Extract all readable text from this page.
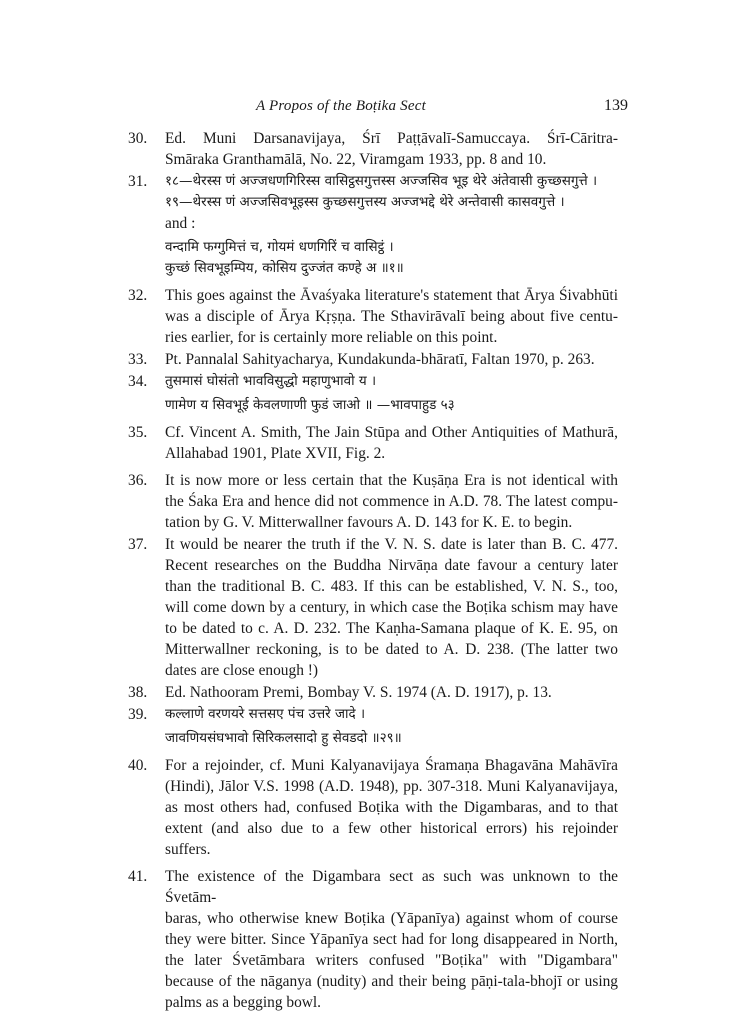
A Propos of the Boṭika Sect	139
30. Ed. Muni Darsanavijaya, Śrī Paṭṭāvalī-Samuccaya. Śrī-Cāritra-
Smāraka Granthamālā, No. 22, Viramgam 1933, pp. 8 and 10.
31. १८—थेरस्स णं अज्जधणगिरिस्स वासिट्ठसगुत्तस्स अज्जसिव भूइ थेरे अंतेवासी कुच्छसगुत्ते ।
१९—थेरस्स णं अज्जसिवभूइस्स कुच्छसगुत्तस्य अज्जभद्दे थेरे अन्तेवासी कासवगुत्ते ।
and :
वन्दामि फग्गुमित्तं च, गोयमं धणगिरिं च वासिट्ठं ।
कुच्छं सिवभूइम्पिय, कोसिय दुज्जंत कण्हे अ ॥१॥
32. This goes against the Āvaśyaka literature's statement that Ārya Śivabhūti
was a disciple of Ārya Kṛṣṇa. The Sthavirāvalī being about five centu-
ries earlier, for is certainly more reliable on this point.
33. Pt. Pannalal Sahityacharya, Kundakunda-bhāratī, Faltan 1970, p. 263.
34. तुसमासं घोसंतो भावविसुद्धो महाणुभावो य ।
णामेण य सिवभूई केवलणाणी फुडं जाओ ॥ —भावपाहुड ५३
35. Cf. Vincent A. Smith, The Jain Stūpa and Other Antiquities of Mathurā,
Allahabad 1901, Plate XVII, Fig. 2.
36. It is now more or less certain that the Kuṣāṇa Era is not identical with
the Śaka Era and hence did not commence in A.D. 78. The latest compu-
tation by G. V. Mitterwallner favours A. D. 143 for K. E. to begin.
37. It would be nearer the truth if the V. N. S. date is later than B. C. 477.
Recent researches on the Buddha Nirvāṇa date favour a century later
than the traditional B. C. 483. If this can be established, V. N. S., too,
will come down by a century, in which case the Boṭika schism may have
to be dated to c. A. D. 232. The Kaṇha-Samana plaque of K. E. 95, on
Mitterwallner reckoning, is to be dated to A. D. 238. (The latter two
dates are close enough !)
38. Ed. Nathooram Premi, Bombay V. S. 1974 (A. D. 1917), p. 13.
39. कल्लाणे वरणयरे सत्तसए पंच उत्तरे जादे ।
जावणियसंघभावो सिरिकलसादो हु सेवडदो ॥२९॥
40. For a rejoinder, cf. Muni Kalyanavijaya Śramaṇa Bhagavāna Mahāvīra
(Hindi), Jālor V.S. 1998 (A.D. 1948), pp. 307-318. Muni Kalyanavijaya,
as most others had, confused Boṭika with the Digambaras, and to that
extent (and also due to a few other historical errors) his rejoinder
suffers.
41. The existence of the Digambara sect as such was unknown to the Śvetām-
baras, who otherwise knew Boṭika (Yāpanīya) against whom of course
they were bitter. Since Yāpanīya sect had for long disappeared in North,
the later Śvetāmbara writers confused "Boṭika" with "Digambara"
because of the nāganya (nudity) and their being pāṇi-tala-bhojī or using
palms as a begging bowl.
